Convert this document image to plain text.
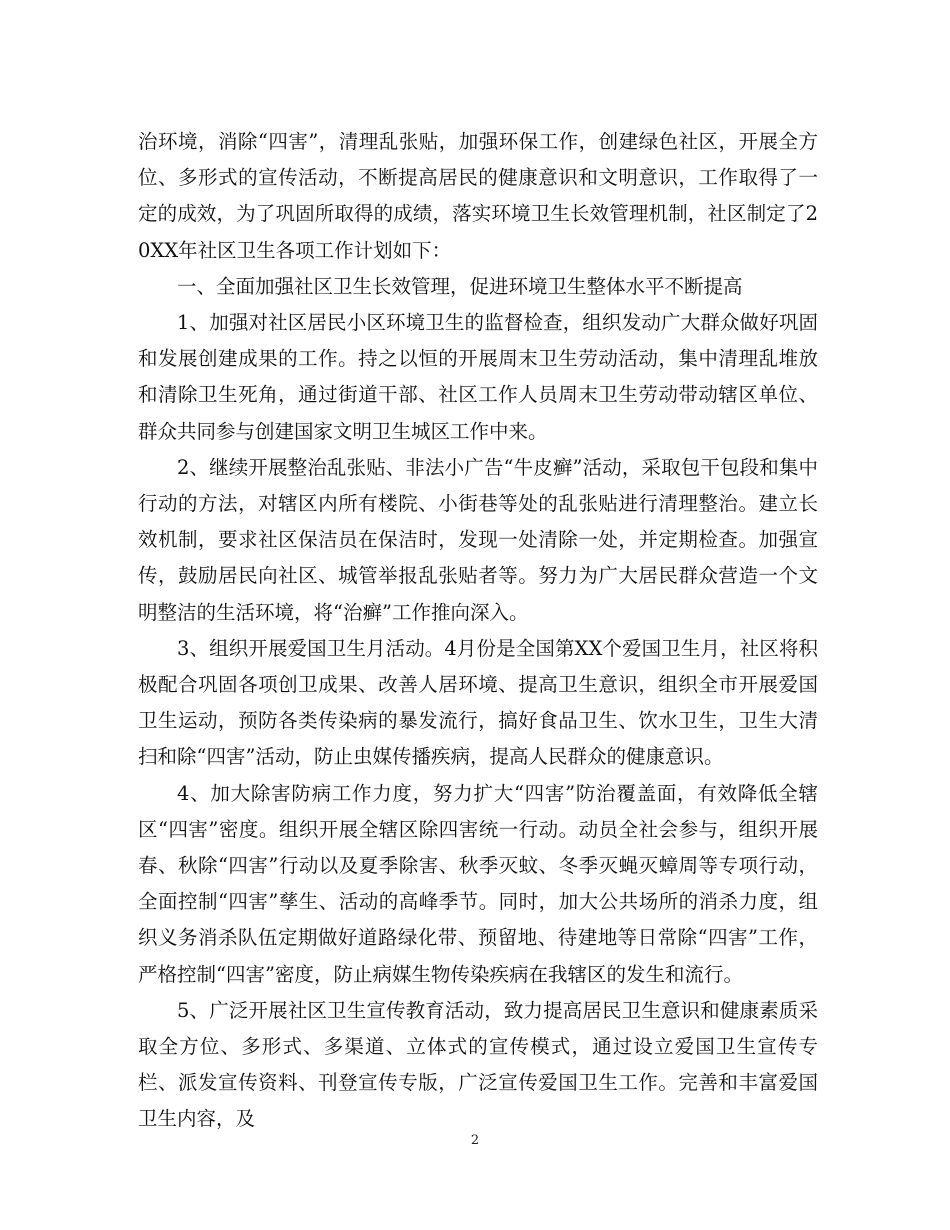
治环境，消除“四害”，清理乱张贴，加强环保工作，创建绿色社区，开展全方位、多形式的宣传活动，不断提高居民的健康意识和文明意识，工作取得了一定的成效，为了巩固所取得的成绩，落实环境卫生长效管理机制，社区制定了20XX年社区卫生各项工作计划如下：

一、全面加强社区卫生长效管理，促进环境卫生整体水平不断提高

1、加强对社区居民小区环境卫生的监督检查，组织发动广大群众做好巩固和发展创建成果的工作。持之以恒的开展周末卫生劳动活动，集中清理乱堆放和清除卫生死角，通过街道干部、社区工作人员周末卫生劳动带动辖区单位、群众共同参与创建国家文明卫生城区工作中来。

2、继续开展整治乱张贴、非法小广告“牛皮癣”活动，采取包干包段和集中行动的方法，对辖区内所有楼院、小街巷等处的乱张贴进行清理整治。建立长效机制，要求社区保洁员在保洁时，发现一处清除一处，并定期检查。加强宣传，鼓励居民向社区、城管举报乱张贴者等。努力为广大居民群众营造一个文明整洁的生活环境，将“治癣”工作推向深入。

3、组织开展爱国卫生月活动。4月份是全国第XX个爱国卫生月，社区将积极配合巩固各项创卫成果、改善人居环境、提高卫生意识，组织全市开展爱国卫生运动，预防各类传染病的暴发流行，搞好食品卫生、饮水卫生，卫生大清扫和除“四害”活动，防止虫媒传播疾病，提高人民群众的健康意识。

4、加大除害防病工作力度，努力扩大“四害”防治覆盖面，有效降低全辖区“四害”密度。组织开展全辖区除四害统一行动。动员全社会参与，组织开展春、秋除“四害”行动以及夏季除害、秋季灭蚊、冬季灭蝇灭蟑周等专项行动，全面控制“四害”孳生、活动的高峰季节。同时，加大公共场所的消杀力度，组织义务消杀队伍定期做好道路绿化带、预留地、待建地等日常除“四害”工作，严格控制“四害”密度，防止病媒生物传染疾病在我辖区的发生和流行。

5、广泛开展社区卫生宣传教育活动，致力提高居民卫生意识和健康素质采取全方位、多形式、多渠道、立体式的宣传模式，通过设立爱国卫生宣传专栏、派发宣传资料、刊登宣传专版，广泛宣传爱国卫生工作。完善和丰富爱国卫生内容，及

2
